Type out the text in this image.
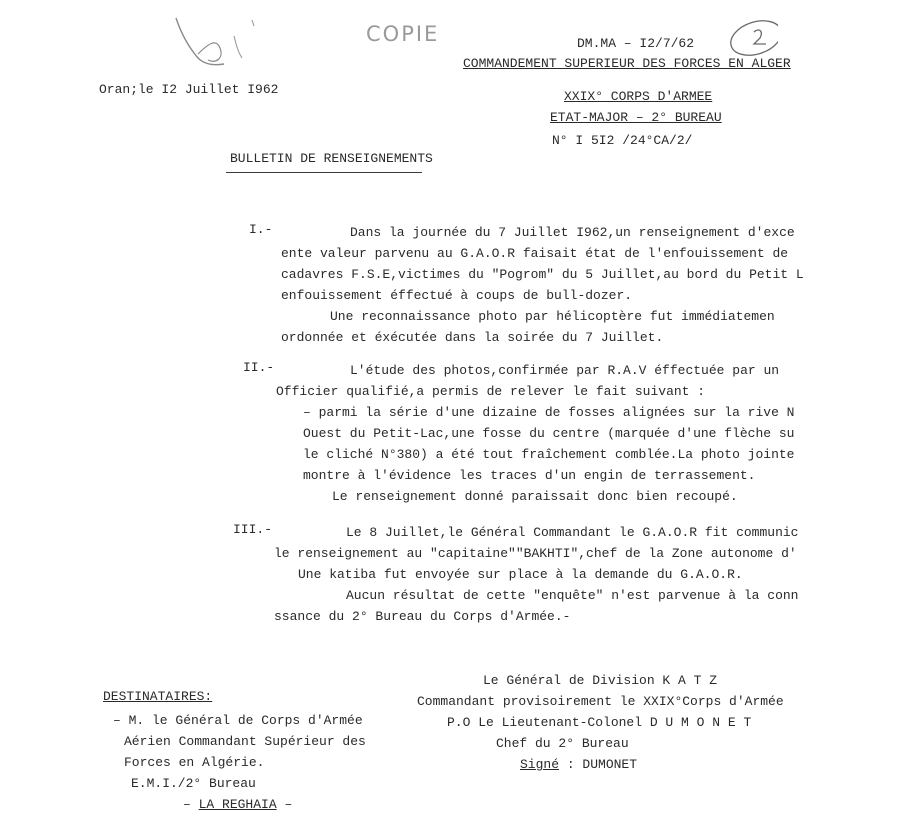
COPIE	DM.MA – I2/7/62
COMMANDEMENT SUPERIEUR DES FORCES EN ALGER
Oran;le I2 Juillet I962	XXIX° CORPS D'ARMEE
ETAT-MAJOR – 2° BUREAU
N° I 5I2 /24°CA/2/
BULLETIN DE RENSEIGNEMENTS
I.-	Dans la journée du 7 Juillet I962,un renseignement d'exce
ente valeur parvenu au G.A.O.R faisait état de l'enfouissement de
cadavres F.S.E,victimes du "Pogrom" du 5 Juillet,au bord du Petit L
enfouissement éffectué à coups de bull-dozer.
Une reconnaissance photo par hélicoptère fut immédiatemen
ordonnée et éxécutée dans la soirée du 7 Juillet.
II.-	L'étude des photos,confirmée par R.A.V éffectuée par un
Officier qualifié,a permis de relever le fait suivant :
– parmi la série d'une dizaine de fosses alignées sur la rive N
Ouest du Petit-Lac,une fosse du centre (marquée d'une flèche su
le cliché N°380) a été tout fraîchement comblée.La photo jointe
montre à l'évidence les traces d'un engin de terrassement.
Le renseignement donné paraissait donc bien recoupé.
III.-	Le 8 Juillet,le Général Commandant le G.A.O.R fit communic
le renseignement au "capitaine""BAKHTI",chef de la Zone autonome d'
Une katiba fut envoyée sur place à la demande du G.A.O.R.
Aucun résultat de cette "enquête" n'est parvenue à la conn
ssance du 2° Bureau du Corps d'Armée.-
Le Général de Division K A T Z
Commandant provisoirement le XXIX°Corps d'Armée
P.O Le Lieutenant-Colonel D U M O N E T
Chef du 2° Bureau
Signé : DUMONET
DESTINATAIRES:
– M. le Général de Corps d'Armée
Aérien Commandant Supérieur des
Forces en Algérie.
E.M.I./2° Bureau
– LA REGHAIA –
